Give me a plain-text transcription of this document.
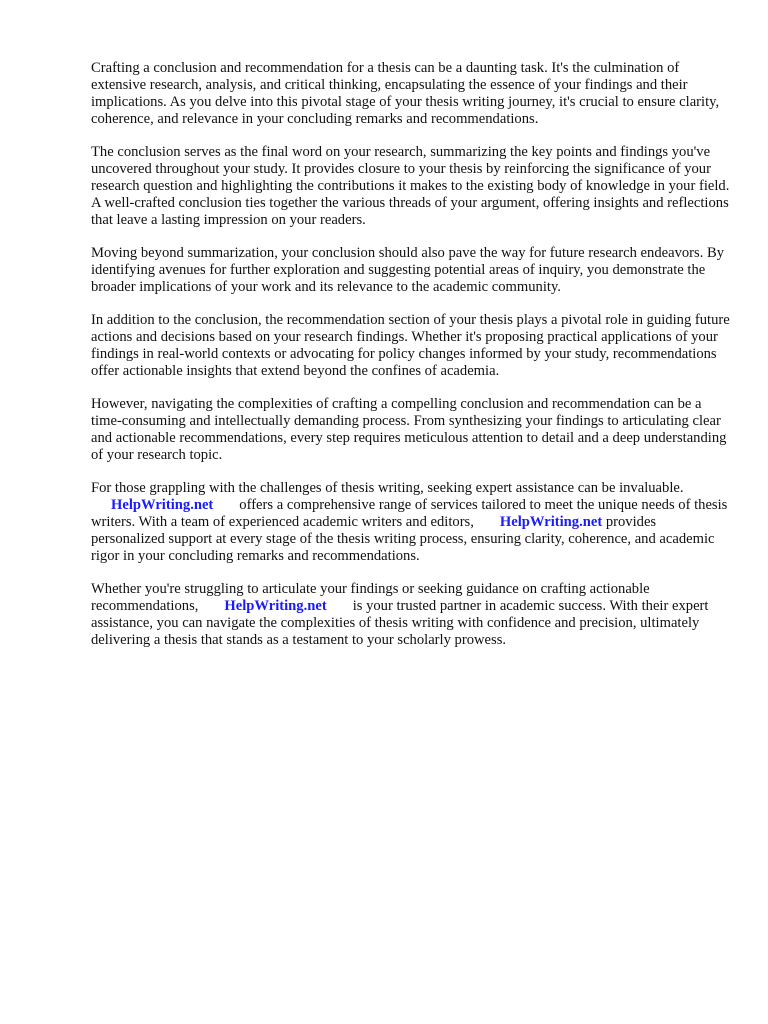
Crafting a conclusion and recommendation for a thesis can be a daunting task. It's the culmination of extensive research, analysis, and critical thinking, encapsulating the essence of your findings and their implications. As you delve into this pivotal stage of your thesis writing journey, it's crucial to ensure clarity, coherence, and relevance in your concluding remarks and recommendations.

The conclusion serves as the final word on your research, summarizing the key points and findings you've uncovered throughout your study. It provides closure to your thesis by reinforcing the significance of your research question and highlighting the contributions it makes to the existing body of knowledge in your field. A well-crafted conclusion ties together the various threads of your argument, offering insights and reflections that leave a lasting impression on your readers.

Moving beyond summarization, your conclusion should also pave the way for future research endeavors. By identifying avenues for further exploration and suggesting potential areas of inquiry, you demonstrate the broader implications of your work and its relevance to the academic community.

In addition to the conclusion, the recommendation section of your thesis plays a pivotal role in guiding future actions and decisions based on your research findings. Whether it's proposing practical applications of your findings in real-world contexts or advocating for policy changes informed by your study, recommendations offer actionable insights that extend beyond the confines of academia.

However, navigating the complexities of crafting a compelling conclusion and recommendation can be a time-consuming and intellectually demanding process. From synthesizing your findings to articulating clear and actionable recommendations, every step requires meticulous attention to detail and a deep understanding of your research topic.

For those grappling with the challenges of thesis writing, seeking expert assistance can be invaluable.
HelpWriting.net offers a comprehensive range of services tailored to meet the unique needs of thesis writers. With a team of experienced academic writers and editors, HelpWriting.net provides personalized support at every stage of the thesis writing process, ensuring clarity, coherence, and academic rigor in your concluding remarks and recommendations.

Whether you're struggling to articulate your findings or seeking guidance on crafting actionable recommendations, HelpWriting.net is your trusted partner in academic success. With their expert assistance, you can navigate the complexities of thesis writing with confidence and precision, ultimately delivering a thesis that stands as a testament to your scholarly prowess.
